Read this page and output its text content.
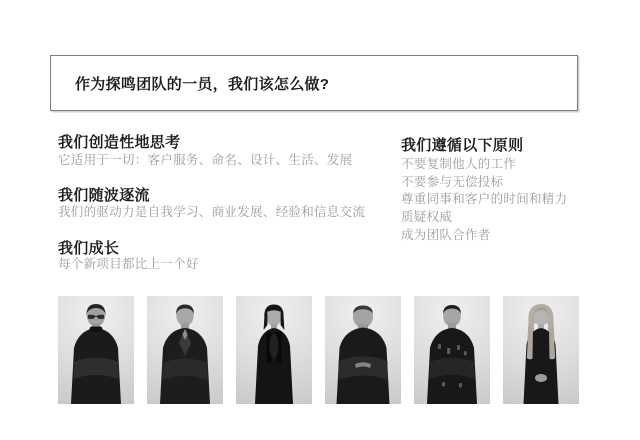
作为探鸣团队的一员，我们该怎么做?
我们创造性地思考
它适用于一切：客户服务、命名、设计、生活、发展
我们随波逐流
我们的驱动力是自我学习、商业发展、经验和信息交流
我们成长
每个新项目都比上一个好
我们遵循以下原则
不要复制他人的工作
不要参与无偿投标
尊重同事和客户的时间和精力
质疑权威
成为团队合作者
